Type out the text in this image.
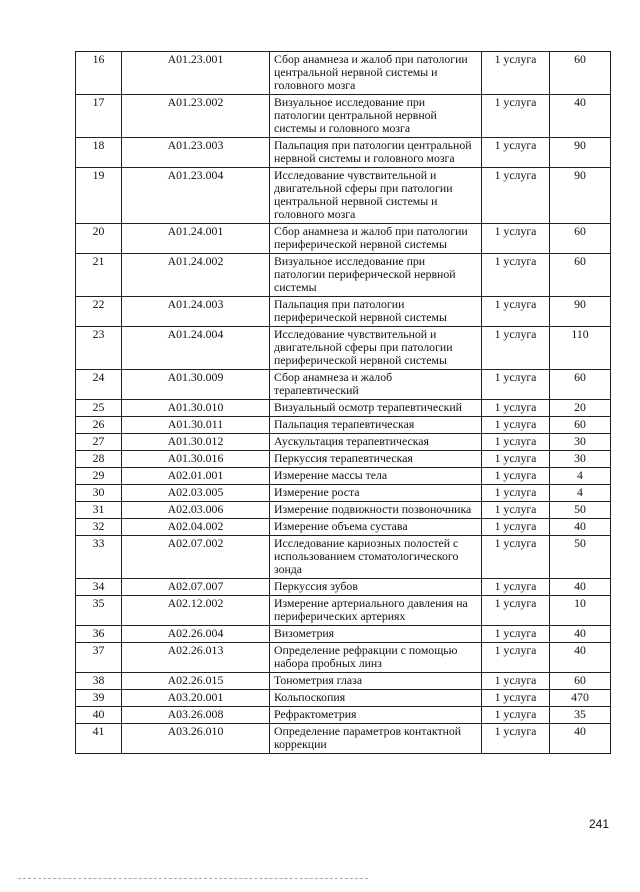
16	A01.23.001	Сбор анамнеза и жалоб при патологии центральной нервной системы и головного мозга	1 услуга	60
17	A01.23.002	Визуальное исследование при патологии центральной нервной системы и головного мозга	1 услуга	40
18	A01.23.003	Пальпация при патологии центральной нервной системы и головного мозга	1 услуга	90
19	A01.23.004	Исследование чувствительной и двигательной сферы при патологии центральной нервной системы и головного мозга	1 услуга	90
20	A01.24.001	Сбор анамнеза и жалоб при патологии периферической нервной системы	1 услуга	60
21	A01.24.002	Визуальное исследование при патологии периферической нервной системы	1 услуга	60
22	A01.24.003	Пальпация при патологии периферической нервной системы	1 услуга	90
23	A01.24.004	Исследование чувствительной и двигательной сферы при патологии периферической нервной системы	1 услуга	110
24	A01.30.009	Сбор анамнеза и жалоб терапевтический	1 услуга	60
25	A01.30.010	Визуальный осмотр терапевтический	1 услуга	20
26	A01.30.011	Пальпация терапевтическая	1 услуга	60
27	A01.30.012	Аускультация терапевтическая	1 услуга	30
28	A01.30.016	Перкуссия терапевтическая	1 услуга	30
29	A02.01.001	Измерение массы тела	1 услуга	4
30	A02.03.005	Измерение роста	1 услуга	4
31	A02.03.006	Измерение подвижности позвоночника	1 услуга	50
32	A02.04.002	Измерение объема сустава	1 услуга	40
33	A02.07.002	Исследование кариозных полостей с использованием стоматологического зонда	1 услуга	50
34	A02.07.007	Перкуссия зубов	1 услуга	40
35	A02.12.002	Измерение артериального давления на периферических артериях	1 услуга	10
36	A02.26.004	Визометрия	1 услуга	40
37	A02.26.013	Определение рефракции с помощью набора пробных линз	1 услуга	40
38	A02.26.015	Тонометрия глаза	1 услуга	60
39	A03.20.001	Кольпоскопия	1 услуга	470
40	A03.26.008	Рефрактометрия	1 услуга	35
41	A03.26.010	Определение параметров контактной коррекции	1 услуга	40
241
